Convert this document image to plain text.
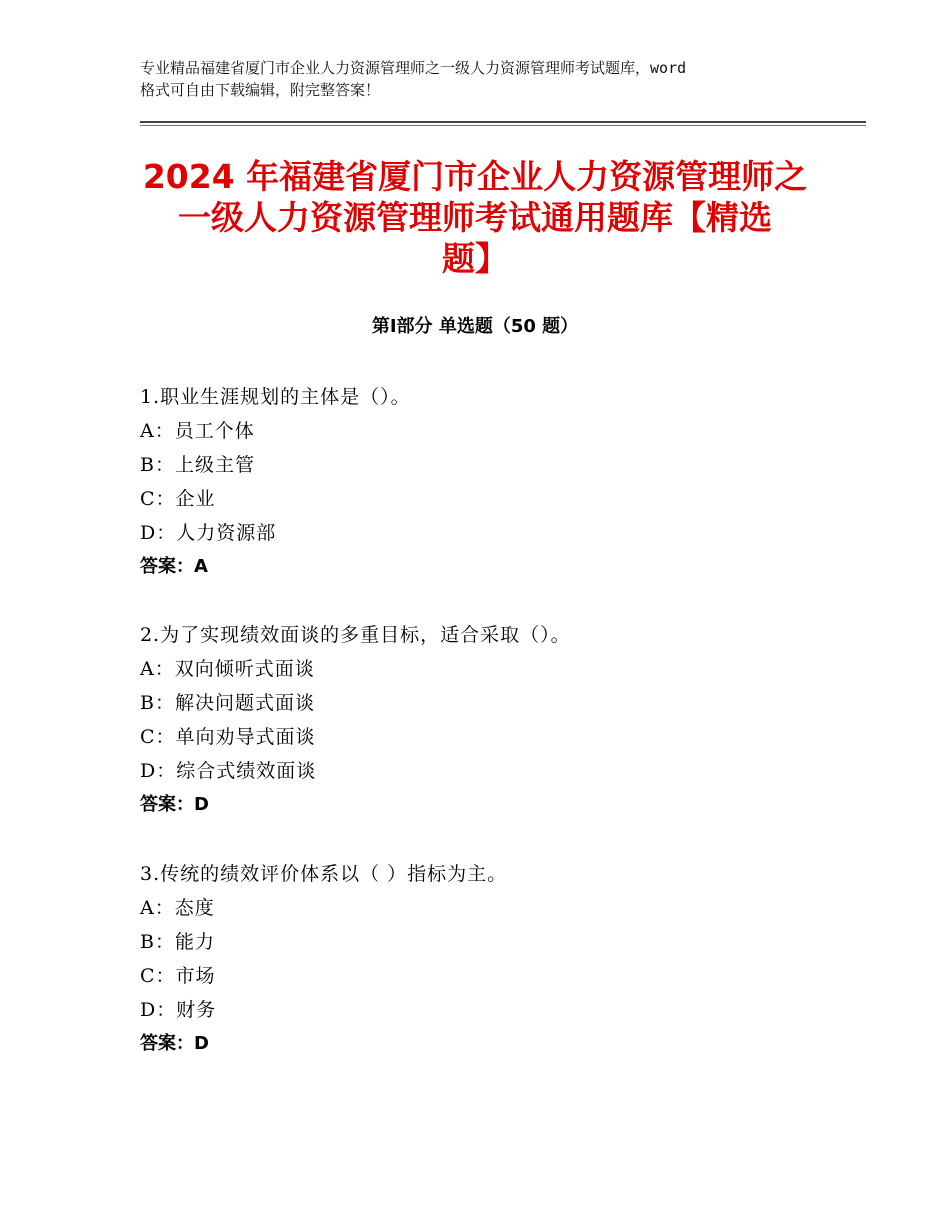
专业精品福建省厦门市企业人力资源管理师之一级人力资源管理师考试题库，word
格式可自由下载编辑，附完整答案！
2024 年福建省厦门市企业人力资源管理师之
一级人力资源管理师考试通用题库【精选
题】
第Ⅰ部分 单选题（50 题）
1.职业生涯规划的主体是（）。
A：员工个体
B：上级主管
C：企业
D：人力资源部
答案：A
2.为了实现绩效面谈的多重目标，适合采取（）。
A：双向倾听式面谈
B：解决问题式面谈
C：单向劝导式面谈
D：综合式绩效面谈
答案：D
3.传统的绩效评价体系以（ ）指标为主。
A：态度
B：能力
C：市场
D：财务
答案：D
